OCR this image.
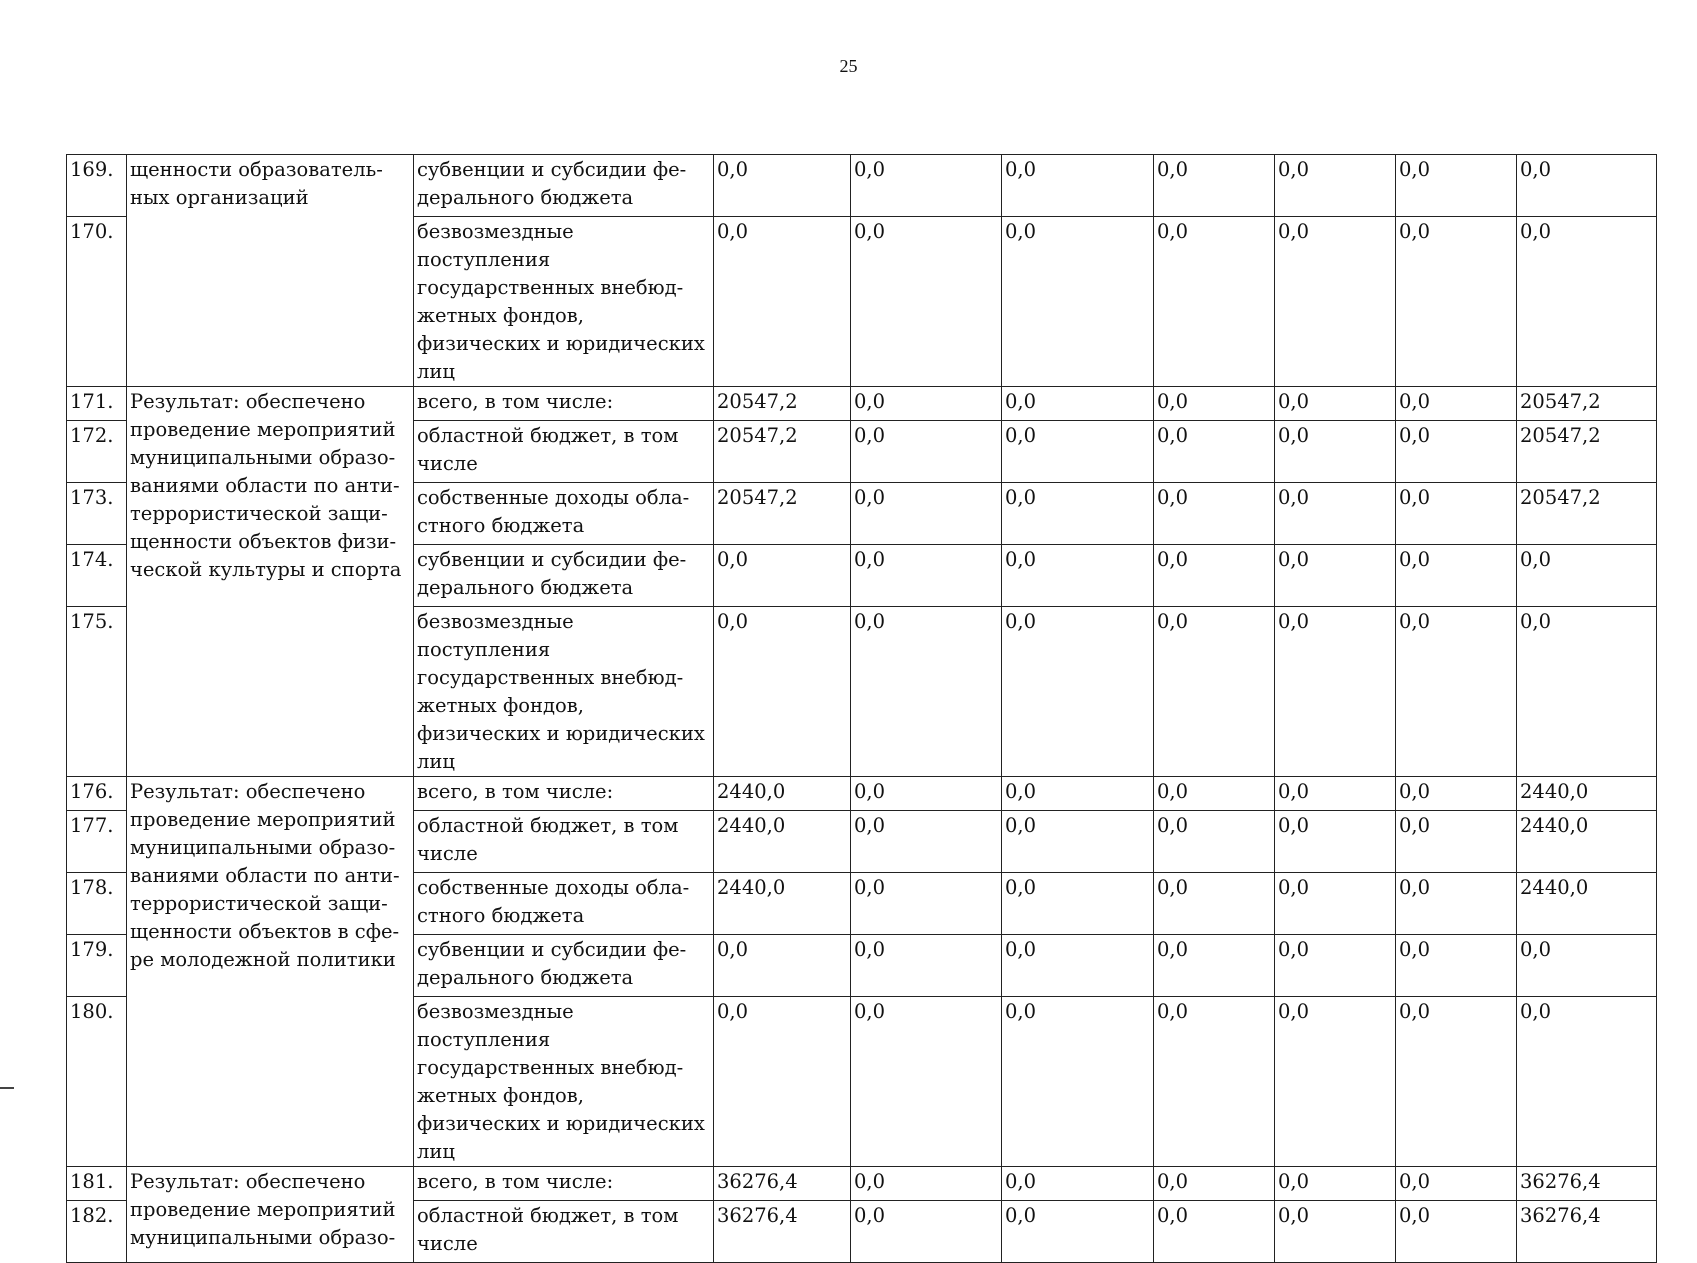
25
169.	щенности образователь- ных организаций	субвенции и субсидии фе- дерального бюджета	0,0	0,0	0,0	0,0	0,0	0,0	0,0
170.		безвозмездные поступления государственных внебюд- жетных фондов, физических и юридических лиц	0,0	0,0	0,0	0,0	0,0	0,0	0,0
171.	Результат: обеспечено проведение мероприятий муниципальными образо- ваниями области по анти- террористической защи- щенности объектов физи- ческой культуры и спорта	всего, в том числе:	20547,2	0,0	0,0	0,0	0,0	0,0	20547,2
172.		областной бюджет, в том числе	20547,2	0,0	0,0	0,0	0,0	0,0	20547,2
173.		собственные доходы обла- стного бюджета	20547,2	0,0	0,0	0,0	0,0	0,0	20547,2
174.		субвенции и субсидии фе- дерального бюджета	0,0	0,0	0,0	0,0	0,0	0,0	0,0
175.		безвозмездные поступления государственных внебюд- жетных фондов, физических и юридических лиц	0,0	0,0	0,0	0,0	0,0	0,0	0,0
176.	Результат: обеспечено проведение мероприятий муниципальными образо- ваниями области по анти- террористической защи- щенности объектов в сфе- ре молодежной политики	всего, в том числе:	2440,0	0,0	0,0	0,0	0,0	0,0	2440,0
177.		областной бюджет, в том числе	2440,0	0,0	0,0	0,0	0,0	0,0	2440,0
178.		собственные доходы обла- стного бюджета	2440,0	0,0	0,0	0,0	0,0	0,0	2440,0
179.		субвенции и субсидии фе- дерального бюджета	0,0	0,0	0,0	0,0	0,0	0,0	0,0
180.		безвозмездные поступления государственных внебюд- жетных фондов, физических и юридических лиц	0,0	0,0	0,0	0,0	0,0	0,0	0,0
181.	Результат: обеспечено проведение мероприятий муниципальными образо-	всего, в том числе:	36276,4	0,0	0,0	0,0	0,0	0,0	36276,4
182.		областной бюджет, в том числе	36276,4	0,0	0,0	0,0	0,0	0,0	36276,4
